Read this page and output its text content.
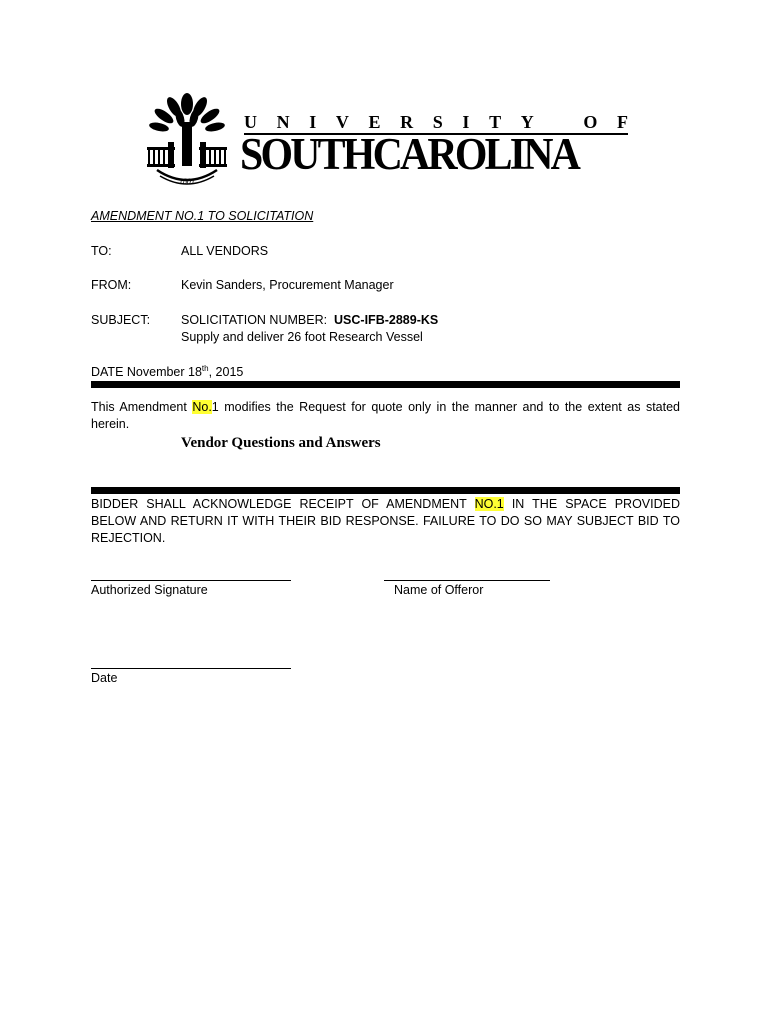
1801
U N I V E R S I T Y	O F
SOUTHCAROLINA
AMENDMENT NO.1 TO SOLICITATION
TO:	ALL VENDORS
FROM:	Kevin Sanders, Procurement Manager
SUBJECT: SOLICITATION NUMBER: USC-IFB-2889-KS
Supply and deliver 26 foot Research Vessel
DATE November 18th, 2015
This Amendment No.1 modifies the Request for quote only in the manner and to the extent as stated herein.
Vendor Questions and Answers
BIDDER SHALL ACKNOWLEDGE RECEIPT OF AMENDMENT NO.1 IN THE SPACE PROVIDED BELOW AND RETURN IT WITH THEIR BID RESPONSE. FAILURE TO DO SO MAY SUBJECT BID TO REJECTION.
Authorized Signature	Name of Offeror
Date
